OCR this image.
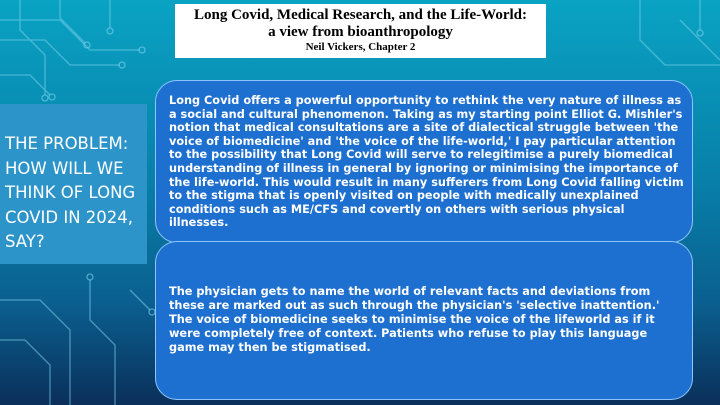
Long Covid, Medical Research, and the Life-World:
a view from bioanthropology
Neil Vickers, Chapter 2
THE PROBLEM: HOW WILL WE THINK OF LONG COVID IN 2024, SAY?

Long Covid offers a powerful opportunity to rethink the very nature of illness as a social and cultural phenomenon. Taking as my starting point Elliot G. Mishler's notion that medical consultations are a site of dialectical struggle between 'the voice of biomedicine' and 'the voice of the life-world,' I pay particular attention to the possibility that Long Covid will serve to relegitimise a purely biomedical understanding of illness in general by ignoring or minimising the importance of the life-world. This would result in many sufferers from Long Covid falling victim to the stigma that is openly visited on people with medically unexplained conditions such as ME/CFS and covertly on others with serious physical illnesses.

The physician gets to name the world of relevant facts and deviations from these are marked out as such through the physician's 'selective inattention.' The voice of biomedicine seeks to minimise the voice of the lifeworld as if it were completely free of context. Patients who refuse to play this language game may then be stigmatised.
